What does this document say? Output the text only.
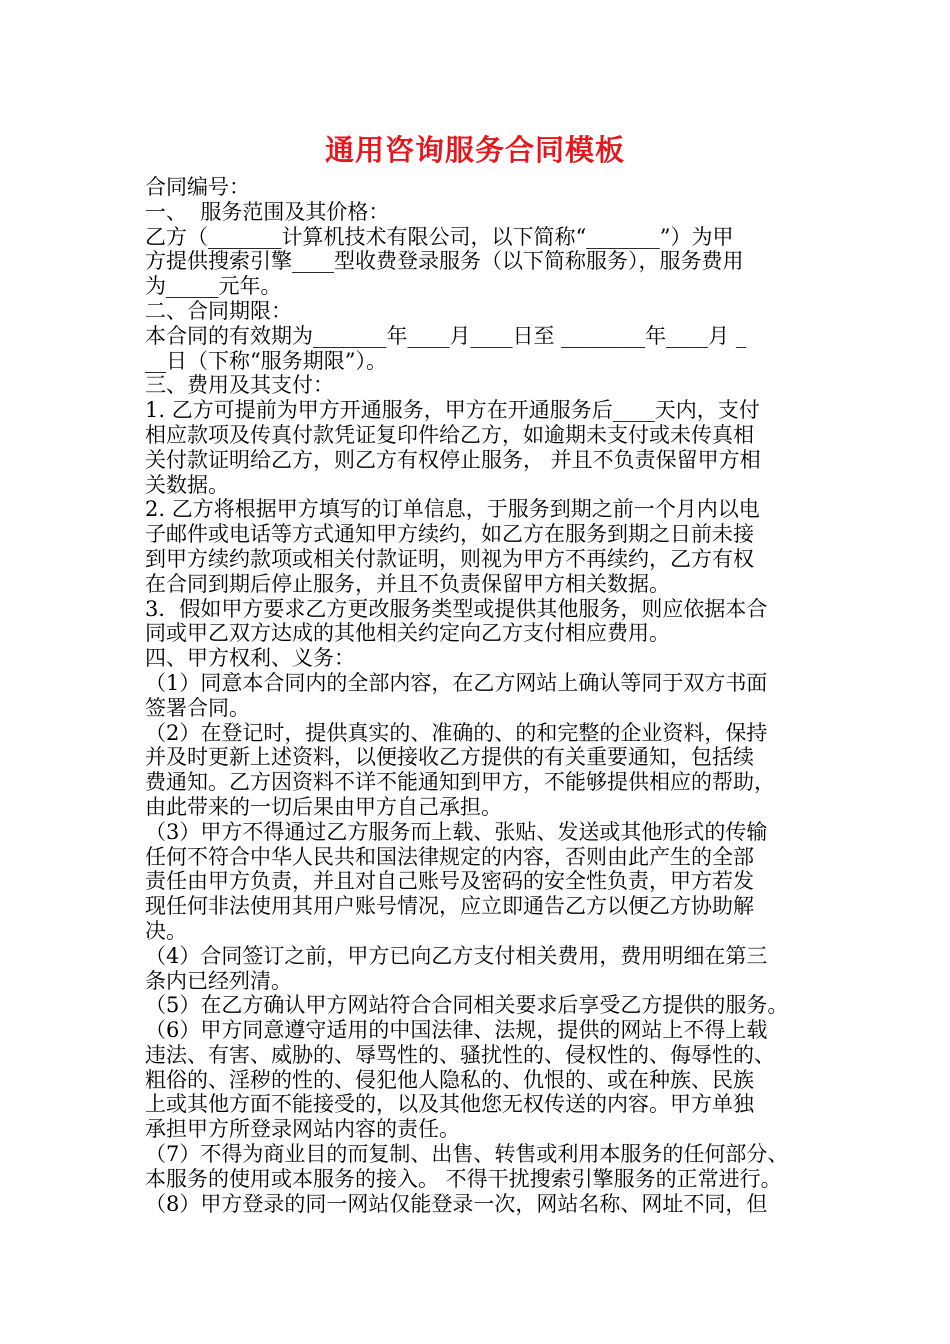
通用咨询服务合同模板
合同编号：
一、  服务范围及其价格：
乙方（_______计算机技术有限公司，以下简称“_______”）为甲
方提供搜索引擎____型收费登录服务（以下简称服务），服务费用
为_____元年。
二、合同期限：
本合同的有效期为_______年____月____日至 ________年____月 _
__日（下称“服务期限”）。
三、费用及其支付：
1. 乙方可提前为甲方开通服务，甲方在开通服务后____天内，支付
相应款项及传真付款凭证复印件给乙方，如逾期未支付或未传真相
关付款证明给乙方，则乙方有权停止服务， 并且不负责保留甲方相
关数据。
2. 乙方将根据甲方填写的订单信息，于服务到期之前一个月内以电
子邮件或电话等方式通知甲方续约，如乙方在服务到期之日前未接
到甲方续约款项或相关付款证明，则视为甲方不再续约，乙方有权
在合同到期后停止服务，并且不负责保留甲方相关数据。
3．假如甲方要求乙方更改服务类型或提供其他服务，则应依据本合
同或甲乙双方达成的其他相关约定向乙方支付相应费用。
四、甲方权利、义务：
（1）同意本合同内的全部内容，在乙方网站上确认等同于双方书面
签署合同。
（2）在登记时，提供真实的、准确的、的和完整的企业资料，保持
并及时更新上述资料，以便接收乙方提供的有关重要通知，包括续
费通知。乙方因资料不详不能通知到甲方，不能够提供相应的帮助，
由此带来的一切后果由甲方自己承担。
（3）甲方不得通过乙方服务而上载、张贴、发送或其他形式的传输
任何不符合中华人民共和国法律规定的内容，否则由此产生的全部
责任由甲方负责，并且对自己账号及密码的安全性负责，甲方若发
现任何非法使用其用户账号情况，应立即通告乙方以便乙方协助解
决。
（4）合同签订之前，甲方已向乙方支付相关费用，费用明细在第三
条内已经列清。
（5）在乙方确认甲方网站符合合同相关要求后享受乙方提供的服务。
（6）甲方同意遵守适用的中国法律、法规，提供的网站上不得上载
违法、有害、威胁的、辱骂性的、骚扰性的、侵权性的、侮辱性的、
粗俗的、淫秽的性的、侵犯他人隐私的、仇恨的、或在种族、民族
上或其他方面不能接受的，以及其他您无权传送的内容。甲方单独
承担甲方所登录网站内容的责任。
（7）不得为商业目的而复制、出售、转售或利用本服务的任何部分、
本服务的使用或本服务的接入。 不得干扰搜索引擎服务的正常进行。
（8）甲方登录的同一网站仅能登录一次，网站名称、网址不同，但
